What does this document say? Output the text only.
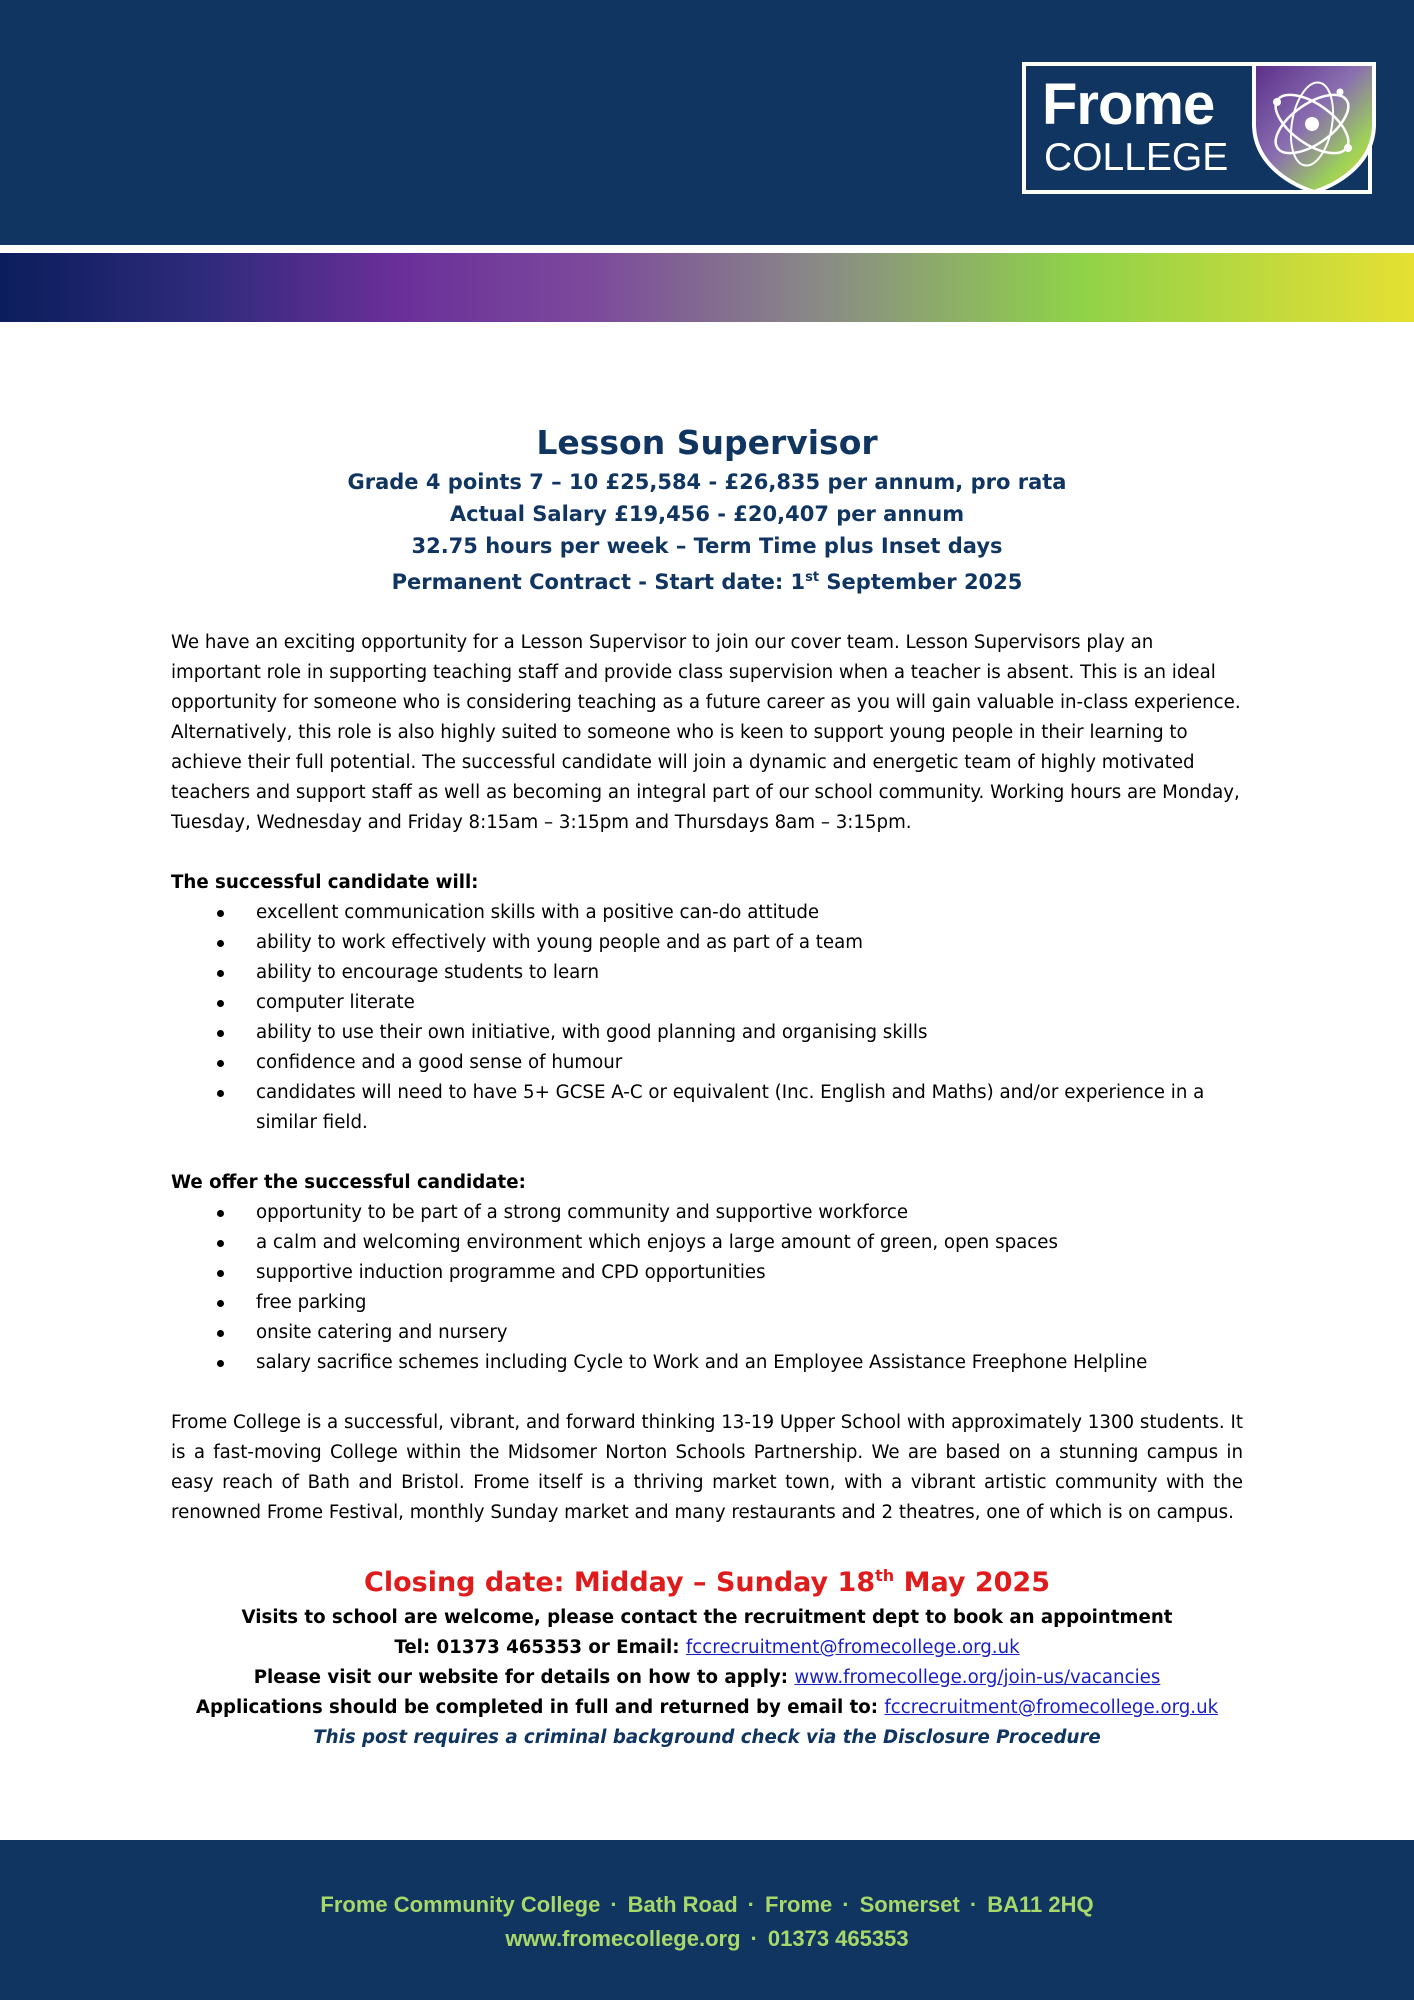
Frome
COLLEGE

Lesson Supervisor

Grade 4 points 7 – 10 £25,584 - £26,835 per annum, pro rata

Actual Salary £19,456 - £20,407 per annum

32.75 hours per week – Term Time plus Inset days

Permanent Contract - Start date: 1st September 2025

We have an exciting opportunity for a Lesson Supervisor to join our cover team. Lesson Supervisors play an important role in supporting teaching staff and provide class supervision when a teacher is absent. This is an ideal opportunity for someone who is considering teaching as a future career as you will gain valuable in-class experience. Alternatively, this role is also highly suited to someone who is keen to support young people in their learning to achieve their full potential. The successful candidate will join a dynamic and energetic team of highly motivated teachers and support staff as well as becoming an integral part of our school community. Working hours are Monday, Tuesday, Wednesday and Friday 8:15am – 3:15pm and Thursdays 8am – 3:15pm.

The successful candidate will:

excellent communication skills with a positive can-do attitude
ability to work effectively with young people and as part of a team
ability to encourage students to learn
computer literate
ability to use their own initiative, with good planning and organising skills
confidence and a good sense of humour
candidates will need to have 5+ GCSE A-C or equivalent (Inc. English and Maths) and/or experience in a similar field.

We offer the successful candidate:

opportunity to be part of a strong community and supportive workforce
a calm and welcoming environment which enjoys a large amount of green, open spaces
supportive induction programme and CPD opportunities
free parking
onsite catering and nursery
salary sacrifice schemes including Cycle to Work and an Employee Assistance Freephone Helpline

Frome College is a successful, vibrant, and forward thinking 13-19 Upper School with approximately 1300 students. It is a fast-moving College within the Midsomer Norton Schools Partnership. We are based on a stunning campus in easy reach of Bath and Bristol. Frome itself is a thriving market town, with a vibrant artistic community with the renowned Frome Festival, monthly Sunday market and many restaurants and 2 theatres, one of which is on campus.

Closing date: Midday – Sunday 18th May 2025

Visits to school are welcome, please contact the recruitment dept to book an appointment

Tel: 01373 465353 or Email: fccrecruitment@fromecollege.org.uk

Please visit our website for details on how to apply: www.fromecollege.org/join-us/vacancies

Applications should be completed in full and returned by email to: fccrecruitment@fromecollege.org.uk

This post requires a criminal background check via the Disclosure Procedure

Frome Community College · Bath Road · Frome · Somerset · BA11 2HQ
www.fromecollege.org · 01373 465353
